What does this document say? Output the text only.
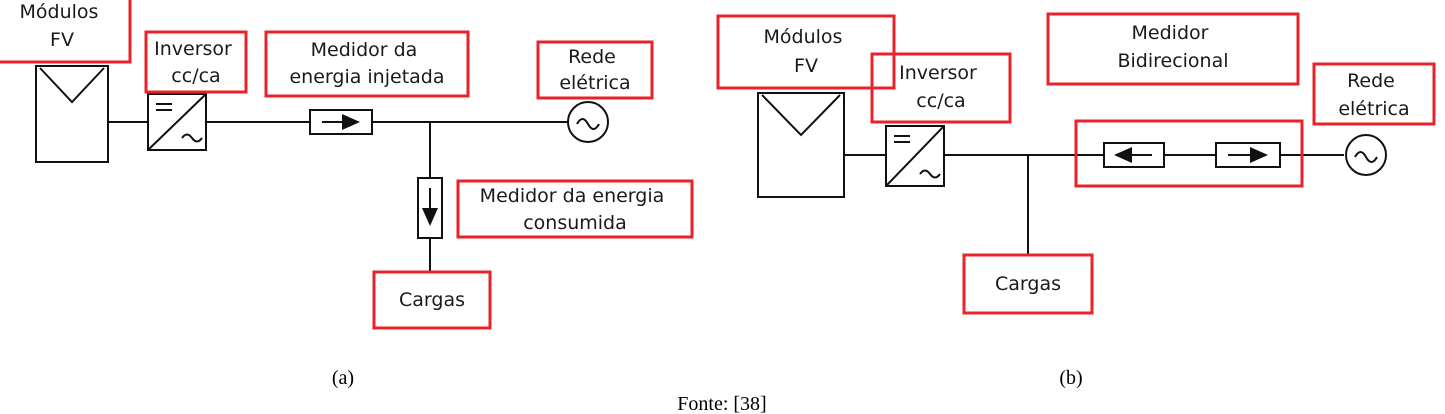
Módulos FV	Inversor cc/ca
Medidor da energia injetada
Rede elétrica
Medidor da energia consumida
Cargas
(a)
Módulos FV	Inversor cc/ca
Medidor Bidirecional
Rede elétrica
Cargas
(b)
Fonte: [38]
